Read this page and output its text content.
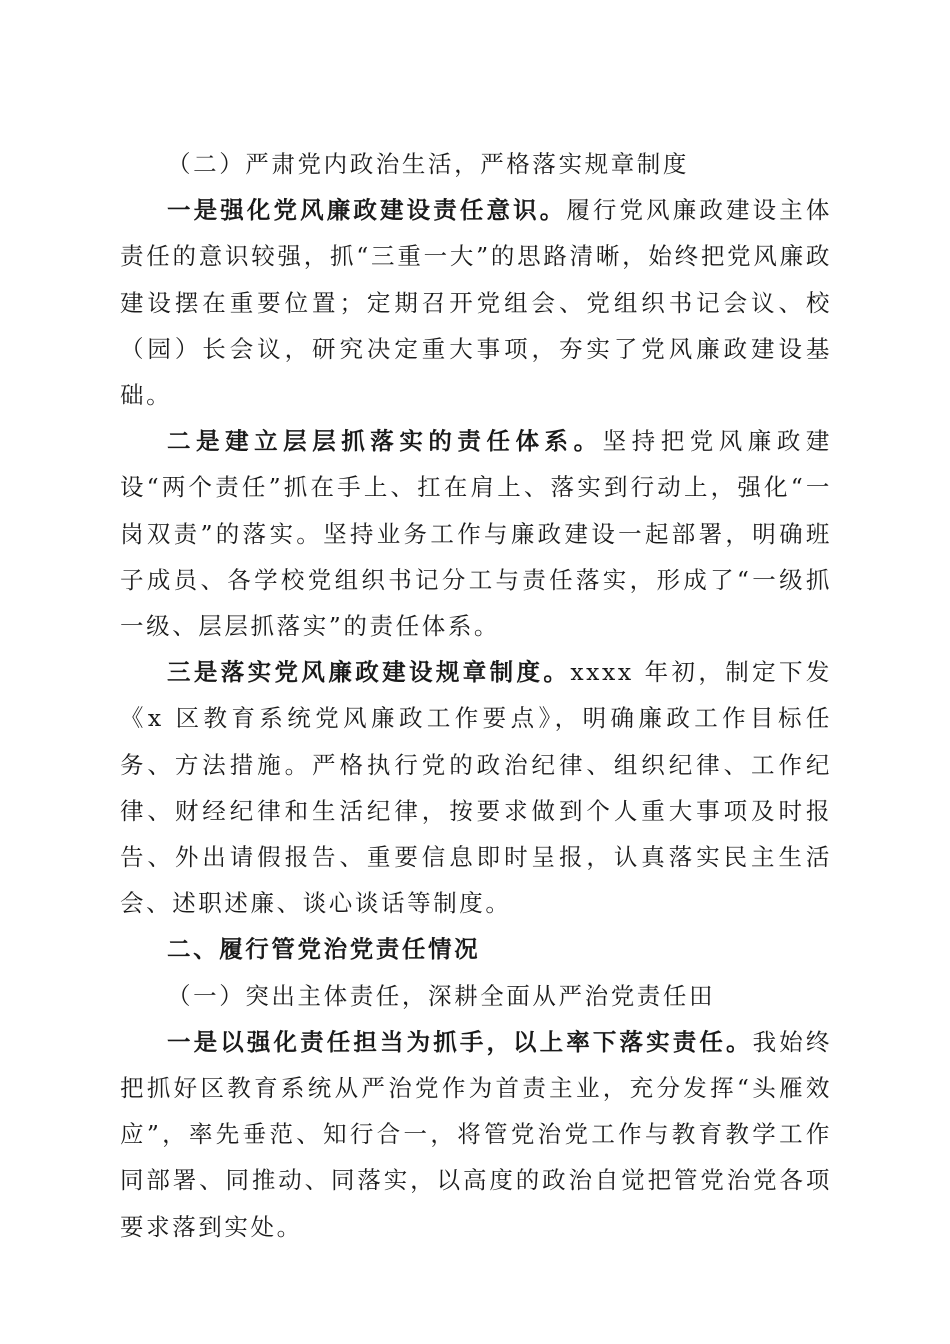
（二）严肃党内政治生活，严格落实规章制度

一是强化党风廉政建设责任意识。履行党风廉政建设主体责任的意识较强，抓“三重一大”的思路清晰，始终把党风廉政建设摆在重要位置；定期召开党组会、党组织书记会议、校（园）长会议，研究决定重大事项，夯实了党风廉政建设基础。

二是建立层层抓落实的责任体系。坚持把党风廉政建设“两个责任”抓在手上、扛在肩上、落实到行动上，强化“一岗双责”的落实。坚持业务工作与廉政建设一起部署，明确班子成员、各学校党组织书记分工与责任落实，形成了“一级抓一级、层层抓落实”的责任体系。

三是落实党风廉政建设规章制度。xxxx 年初，制定下发《x 区教育系统党风廉政工作要点》，明确廉政工作目标任务、方法措施。严格执行党的政治纪律、组织纪律、工作纪律、财经纪律和生活纪律，按要求做到个人重大事项及时报告、外出请假报告、重要信息即时呈报，认真落实民主生活会、述职述廉、谈心谈话等制度。

二、履行管党治党责任情况

（一）突出主体责任，深耕全面从严治党责任田

一是以强化责任担当为抓手，以上率下落实责任。我始终把抓好区教育系统从严治党作为首责主业，充分发挥“头雁效应”，率先垂范、知行合一，将管党治党工作与教育教学工作同部署、同推动、同落实，以高度的政治自觉把管党治党各项要求落到实处。
